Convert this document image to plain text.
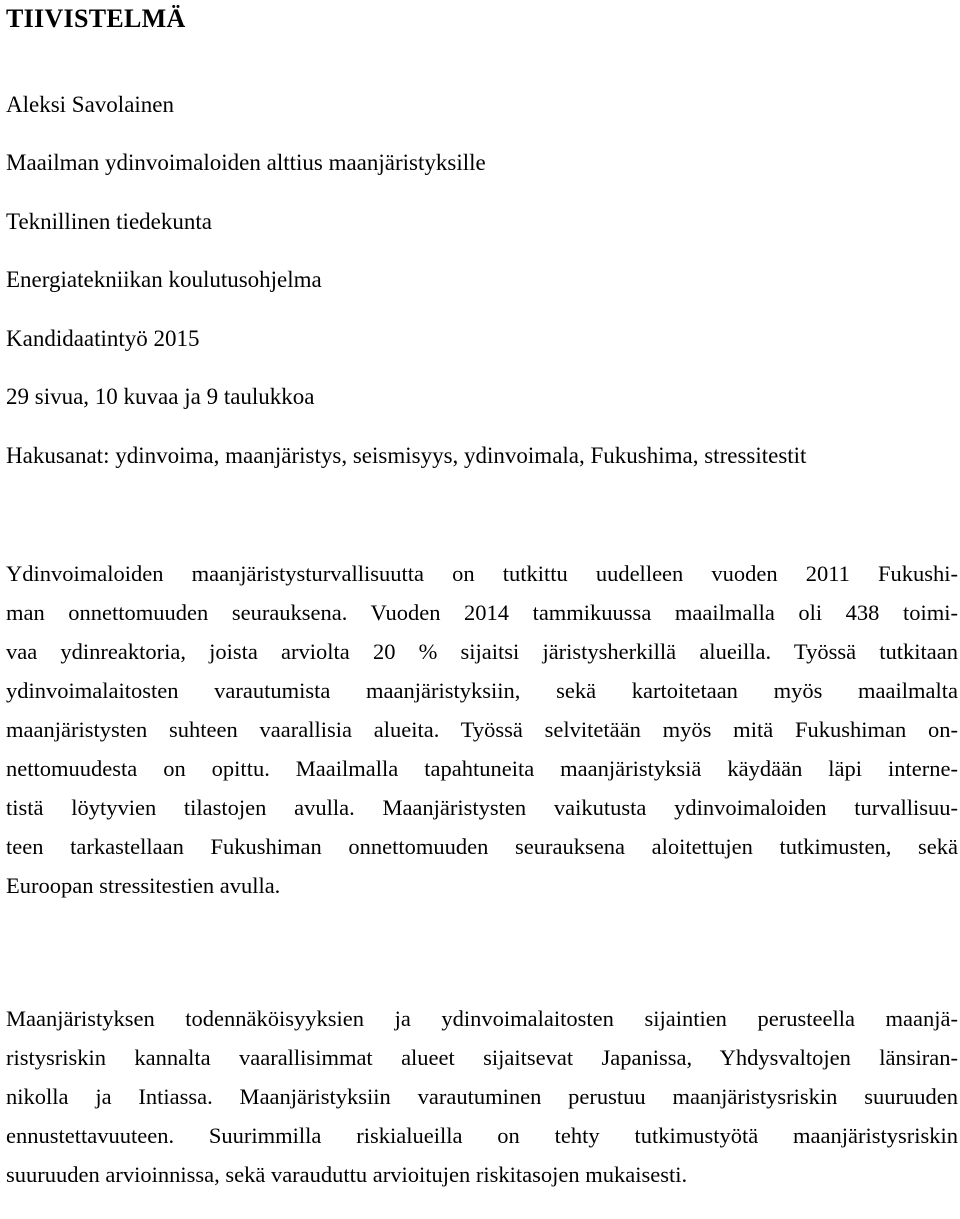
TIIVISTELMÄ

Aleksi Savolainen

Maailman ydinvoimaloiden alttius maanjäristyksille

Teknillinen tiedekunta

Energiatekniikan koulutusohjelma

Kandidaatintyö 2015

29 sivua, 10 kuvaa ja 9 taulukkoa

Hakusanat: ydinvoima, maanjäristys, seismisyys, ydinvoimala, Fukushima, stressitestit

Ydinvoimaloiden maanjäristysturvallisuutta on tutkittu uudelleen vuoden 2011 Fukushi-
man onnettomuuden seurauksena. Vuoden 2014 tammikuussa maailmalla oli 438 toimi-
vaa ydinreaktoria, joista arviolta 20 % sijaitsi järistysherkillä alueilla. Työssä tutkitaan
ydinvoimalaitosten varautumista maanjäristyksiin, sekä kartoitetaan myös maailmalta
maanjäristysten suhteen vaarallisia alueita. Työssä selvitetään myös mitä Fukushiman on-
nettomuudesta on opittu. Maailmalla tapahtuneita maanjäristyksiä käydään läpi interne-
tistä löytyvien tilastojen avulla. Maanjäristysten vaikutusta ydinvoimaloiden turvallisuu-
teen tarkastellaan Fukushiman onnettomuuden seurauksena aloitettujen tutkimusten, sekä
Euroopan stressitestien avulla.
Maanjäristyksen todennäköisyyksien ja ydinvoimalaitosten sijaintien perusteella maanjä-
ristysriskin kannalta vaarallisimmat alueet sijaitsevat Japanissa, Yhdysvaltojen länsiran-
nikolla ja Intiassa. Maanjäristyksiin varautuminen perustuu maanjäristysriskin suuruuden
ennustettavuuteen. Suurimmilla riskialueilla on tehty tutkimustyötä maanjäristysriskin
suuruuden arvioinnissa, sekä varauduttu arvioitujen riskitasojen mukaisesti.
